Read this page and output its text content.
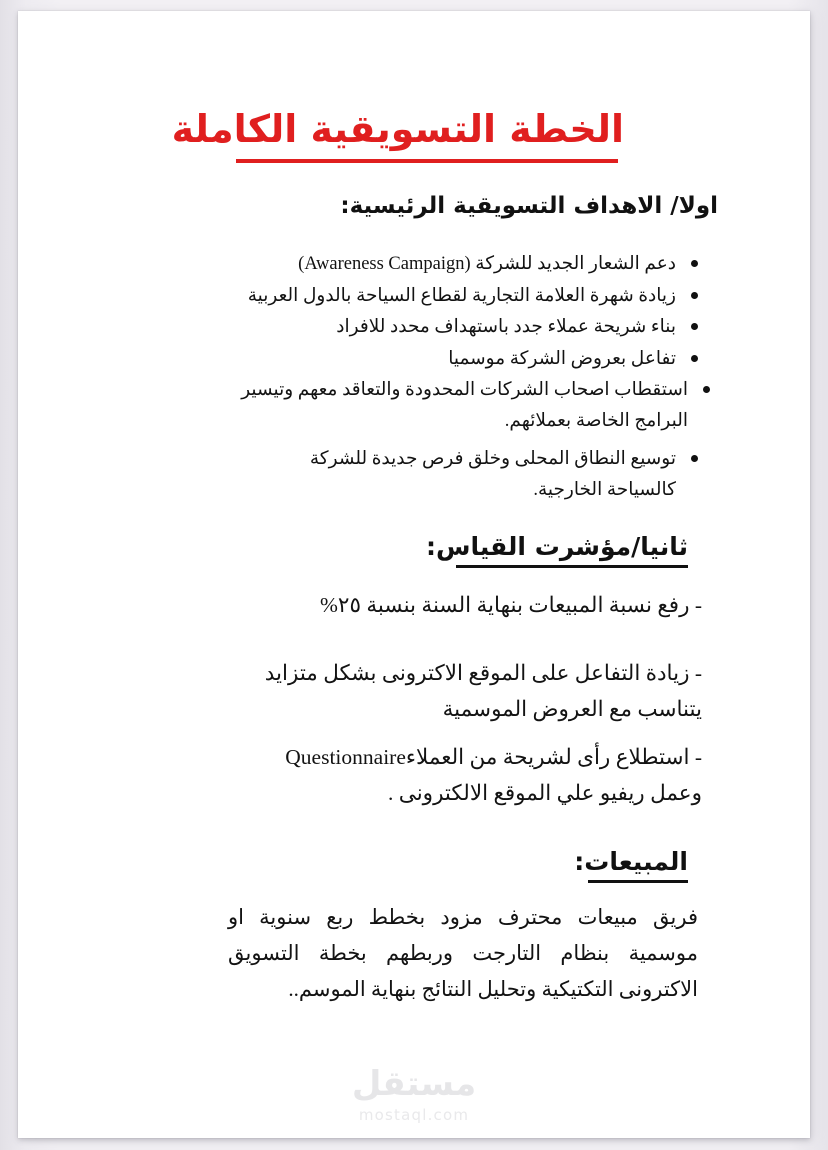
الخطة التسويقية الكاملة
اولا/ الاهداف التسويقية الرئيسية:
دعم الشعار الجديد للشركة (Awareness Campaign)
زيادة شهرة العلامة التجارية لقطاع السياحة بالدول العربية
بناء شريحة عملاء جدد باستهداف محدد للافراد
تفاعل بعروض الشركة موسميا
استقطاب اصحاب الشركات المحدودة والتعاقد معهم وتيسير البرامج الخاصة بعملائهم.
توسيع النطاق المحلى وخلق فرص جديدة للشركة كالسياحة الخارجية.
ثانيا/مؤشرت القياس:
- رفع نسبة المبيعات بنهاية السنة بنسبة ٢٥%
- زيادة التفاعل على الموقع الاكترونى بشكل متزايد يتناسب مع العروض الموسمية
- استطلاع رأى لشريحة من العملاءQuestionnaire وعمل ريفيو علي الموقع الالكترونى .
المبيعات:
فريق مبيعات محترف مزود بخطط ربع سنوية او موسمية بنظام التارجت وربطهم بخطة التسويق الاكترونى التكتيكية وتحليل النتائج بنهاية الموسم..
مستقل
mostaql.com
